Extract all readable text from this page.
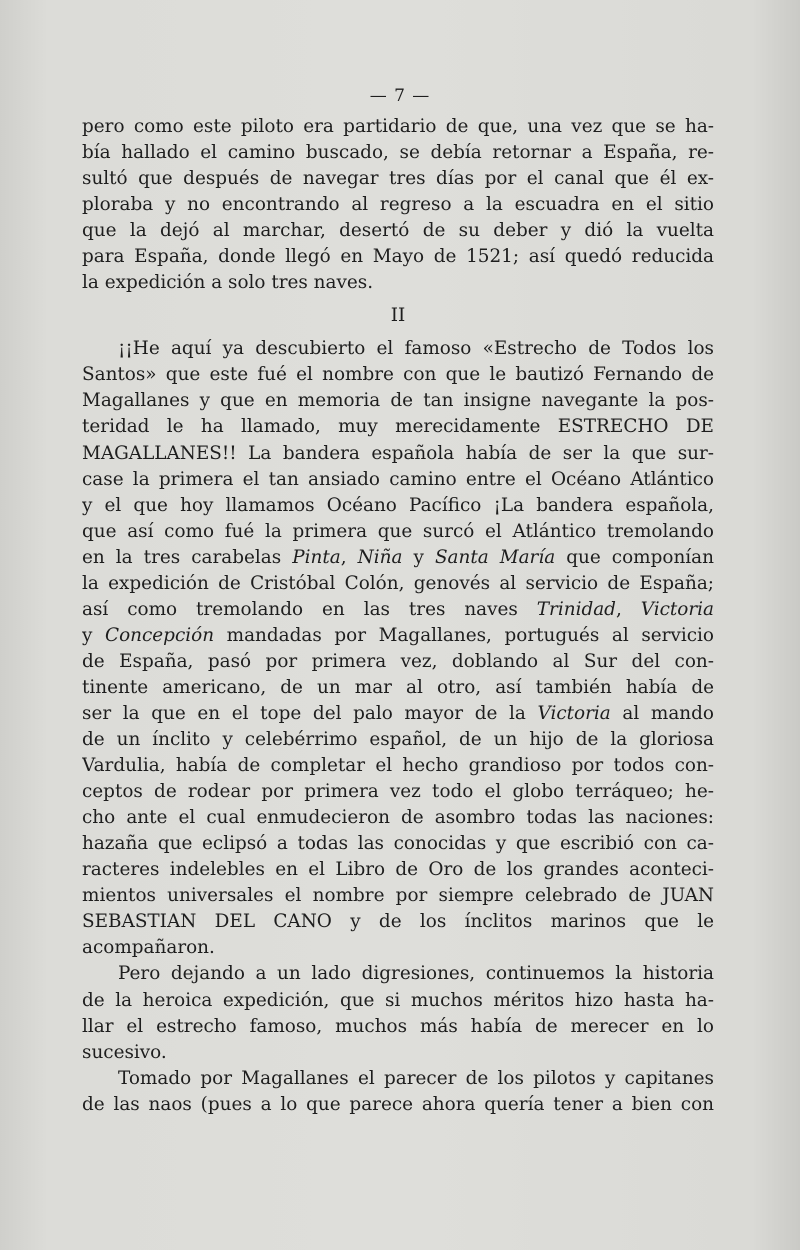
— 7 —
pero como este piloto era partidario de que, una vez que se ha-
bía hallado el camino buscado, se debía retornar a España, re-
sultó que después de navegar tres días por el canal que él ex-
ploraba y no encontrando al regreso a la escuadra en el sitio
que la dejó al marchar, desertó de su deber y dió la vuelta
para España, donde llegó en Mayo de 1521; así quedó reducida
la expedición a solo tres naves.
II
¡¡He aquí ya descubierto el famoso «Estrecho de Todos los
Santos» que este fué el nombre con que le bautizó Fernando de
Magallanes y que en memoria de tan insigne navegante la pos-
teridad le ha llamado, muy merecidamente ESTRECHO DE
MAGALLANES!! La bandera española había de ser la que sur-
case la primera el tan ansiado camino entre el Océano Atlántico
y el que hoy llamamos Océano Pacífico ¡La bandera española,
que así como fué la primera que surcó el Atlántico tremolando
en la tres carabelas Pinta, Niña y Santa María que componían
la expedición de Cristóbal Colón, genovés al servicio de España;
así como tremolando en las tres naves Trinidad, Victoria
y Concepción mandadas por Magallanes, portugués al servicio
de España, pasó por primera vez, doblando al Sur del con-
tinente americano, de un mar al otro, así también había de
ser la que en el tope del palo mayor de la Victoria al mando
de un ínclito y celebérrimo español, de un hijo de la gloriosa
Vardulia, había de completar el hecho grandioso por todos con-
ceptos de rodear por primera vez todo el globo terráqueo; he-
cho ante el cual enmudecieron de asombro todas las naciones:
hazaña que eclipsó a todas las conocidas y que escribió con ca-
racteres indelebles en el Libro de Oro de los grandes aconteci-
mientos universales el nombre por siempre celebrado de JUAN
SEBASTIAN DEL CANO y de los ínclitos marinos que le
acompañaron.
Pero dejando a un lado digresiones, continuemos la historia
de la heroica expedición, que si muchos méritos hizo hasta ha-
llar el estrecho famoso, muchos más había de merecer en lo
sucesivo.
Tomado por Magallanes el parecer de los pilotos y capitanes
de las naos (pues a lo que parece ahora quería tener a bien con
